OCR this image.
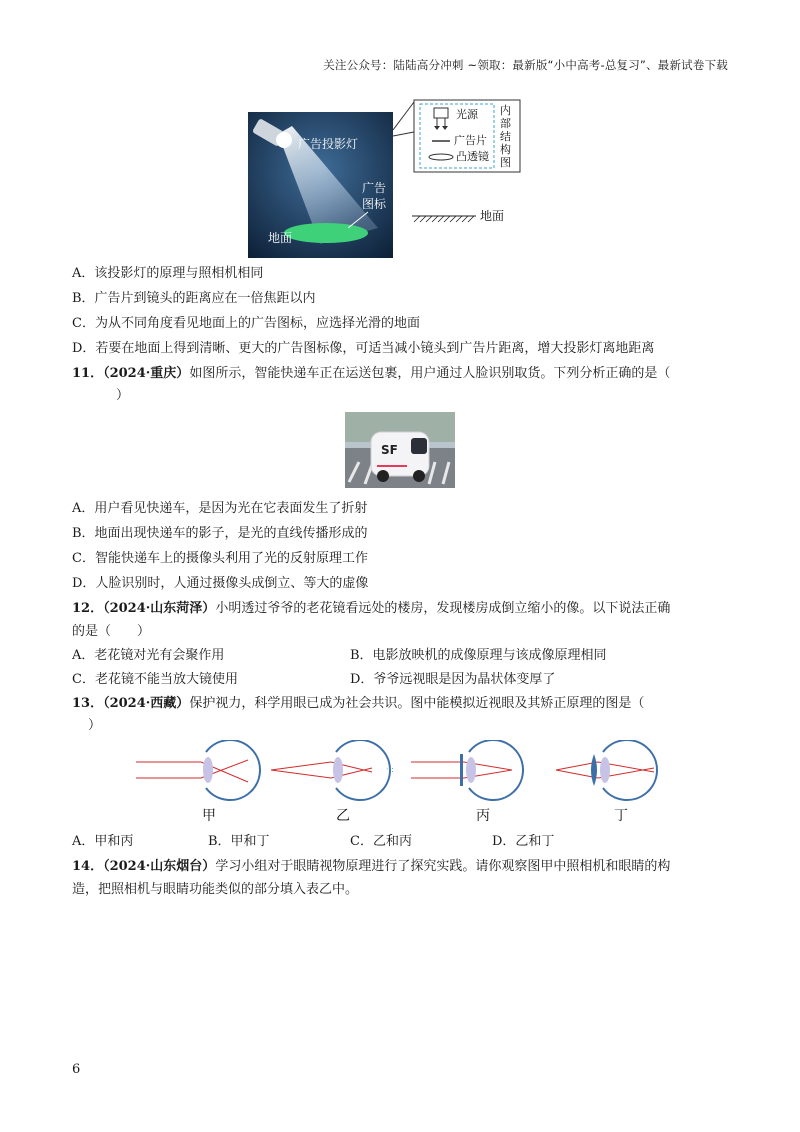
关注公众号：陆陆高分冲刺 ~领取：最新版“小中高考-总复习”、最新试卷下载
广告投影灯
地面
广告
图标
光源
广告片
凸透镜
内
部
结
构
图
地面
A．该投影灯的原理与照相机相同
B．广告片到镜头的距离应在一倍焦距以内
C．为从不同角度看见地面上的广告图标，应选择光滑的地面
D．若要在地面上得到清晰、更大的广告图标像，可适当减小镜头到广告片距离，增大投影灯离地距离
11．（2024·重庆）如图所示，智能快递车正在运送包裹，用户通过人脸识别取货。下列分析正确的是（
）
SF
A．用户看见快递车，是因为光在它表面发生了折射
B．地面出现快递车的影子，是光的直线传播形成的
C．智能快递车上的摄像头利用了光的反射原理工作
D．人脸识别时，人通过摄像头成倒立、等大的虚像
12．（2024·山东菏泽）小明透过爷爷的老花镜看远处的楼房，发现楼房成倒立缩小的像。以下说法正确
的是（　　）
A．老花镜对光有会聚作用	B．电影放映机的成像原理与该成像原理相同
C．老花镜不能当放大镜使用	D．爷爷远视眼是因为晶状体变厚了
13．（2024·西藏）保护视力，科学用眼已成为社会共识。图中能模拟近视眼及其矫正原理的图是（
）
··:
甲	乙	丙	丁
A．甲和丙	B．甲和丁	C．乙和丙	D．乙和丁
14．（2024·山东烟台）学习小组对于眼睛视物原理进行了探究实践。请你观察图甲中照相机和眼睛的构
造，把照相机与眼睛功能类似的部分填入表乙中。
6
